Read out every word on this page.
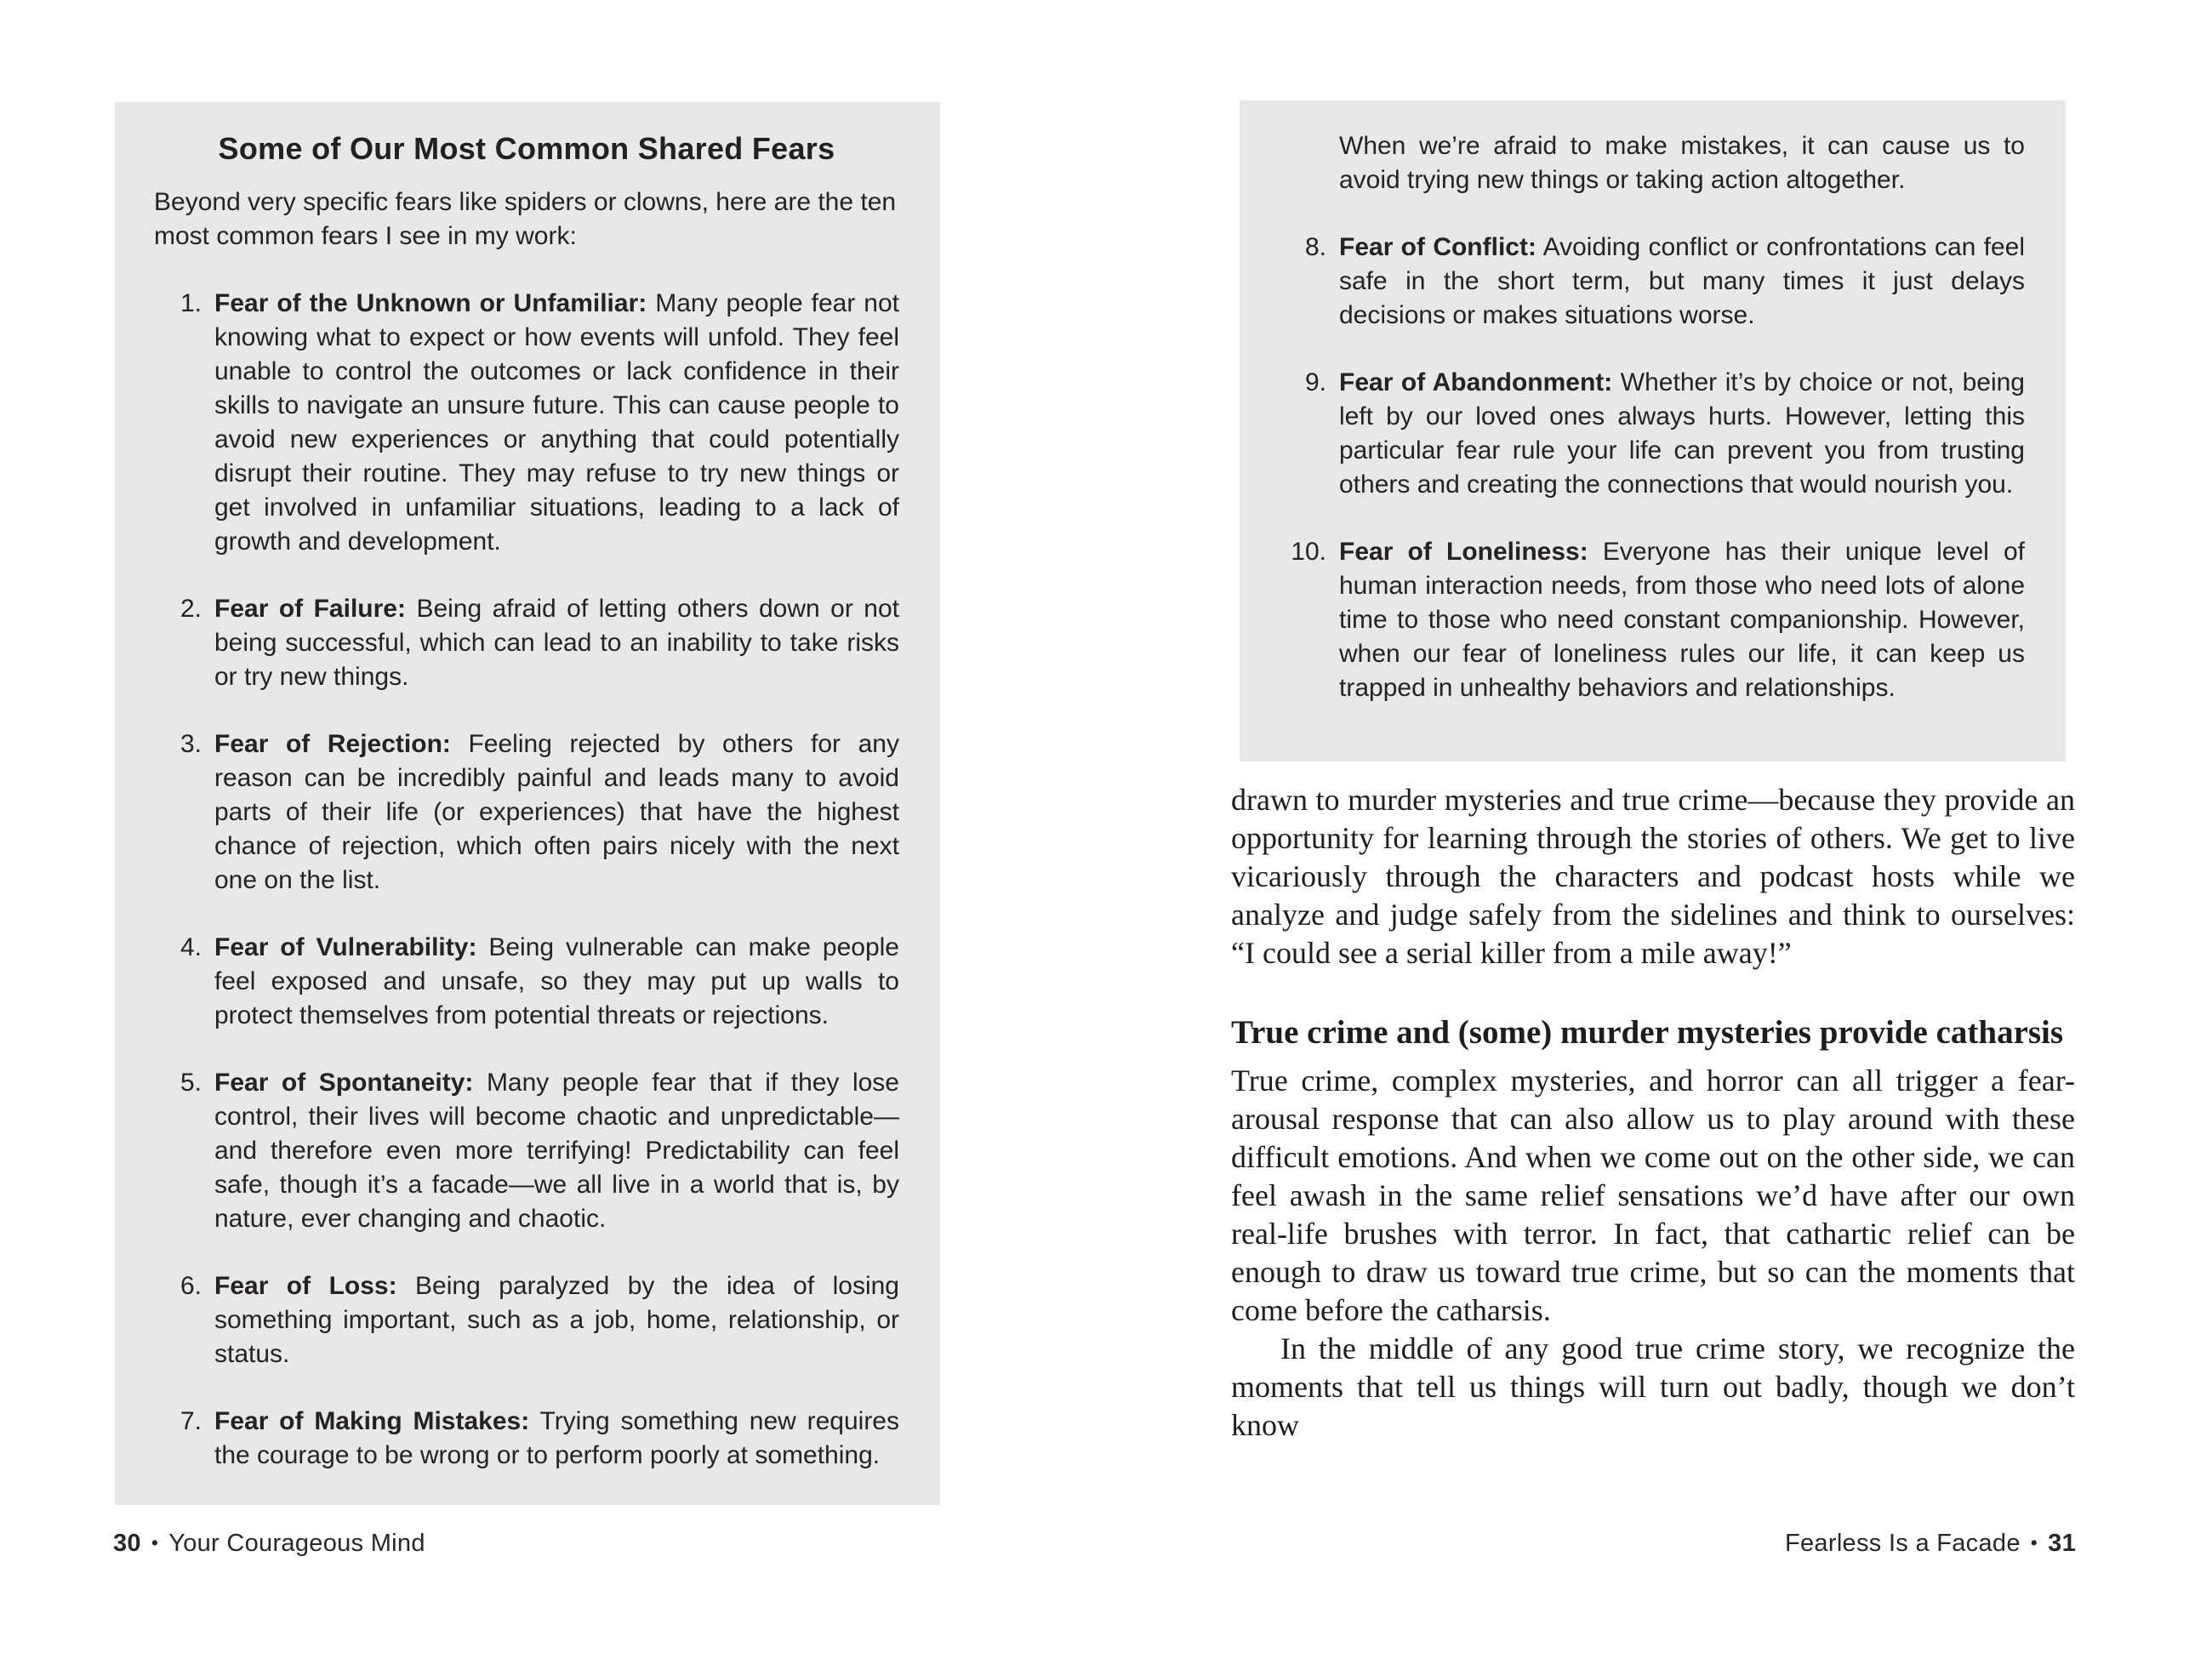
Some of Our Most Common Shared Fears

Beyond very specific fears like spiders or clowns, here are the ten most common fears I see in my work:

1. Fear of the Unknown or Unfamiliar: Many people fear not knowing what to expect or how events will unfold. They feel unable to control the outcomes or lack confidence in their skills to navigate an unsure future. This can cause people to avoid new experiences or anything that could potentially disrupt their routine. They may refuse to try new things or get involved in unfamiliar situations, leading to a lack of growth and development.
2. Fear of Failure: Being afraid of letting others down or not being successful, which can lead to an inability to take risks or try new things.
3. Fear of Rejection: Feeling rejected by others for any reason can be incredibly painful and leads many to avoid parts of their life (or experiences) that have the highest chance of rejection, which often pairs nicely with the next one on the list.
4. Fear of Vulnerability: Being vulnerable can make people feel exposed and unsafe, so they may put up walls to protect themselves from potential threats or rejections.
5. Fear of Spontaneity: Many people fear that if they lose control, their lives will become chaotic and unpredictable—and therefore even more terrifying! Predictability can feel safe, though it’s a facade—we all live in a world that is, by nature, ever changing and chaotic.
6. Fear of Loss: Being paralyzed by the idea of losing something important, such as a job, home, relationship, or status.
7. Fear of Making Mistakes: Trying something new requires the courage to be wrong or to perform poorly at something.
30 • Your Courageous Mind

When we’re afraid to make mistakes, it can cause us to avoid trying new things or taking action altogether.

8. Fear of Conflict: Avoiding conflict or confrontations can feel safe in the short term, but many times it just delays decisions or makes situations worse.
9. Fear of Abandonment: Whether it’s by choice or not, being left by our loved ones always hurts. However, letting this particular fear rule your life can prevent you from trusting others and creating the connections that would nourish you.
10. Fear of Loneliness: Everyone has their unique level of human interaction needs, from those who need lots of alone time to those who need constant companionship. However, when our fear of loneliness rules our life, it can keep us trapped in unhealthy behaviors and relationships.

drawn to murder mysteries and true crime—because they provide an opportunity for learning through the stories of others. We get to live vicariously through the characters and podcast hosts while we analyze and judge safely from the sidelines and think to ourselves: “I could see a serial killer from a mile away!”

True crime and (some) murder mysteries provide catharsis

True crime, complex mysteries, and horror can all trigger a fear-arousal response that can also allow us to play around with these difficult emotions. And when we come out on the other side, we can feel awash in the same relief sensations we’d have after our own real-life brushes with terror. In fact, that cathartic relief can be enough to draw us toward true crime, but so can the moments that come before the catharsis.

In the middle of any good true crime story, we recognize the moments that tell us things will turn out badly, though we don’t know

Fearless Is a Facade • 31
